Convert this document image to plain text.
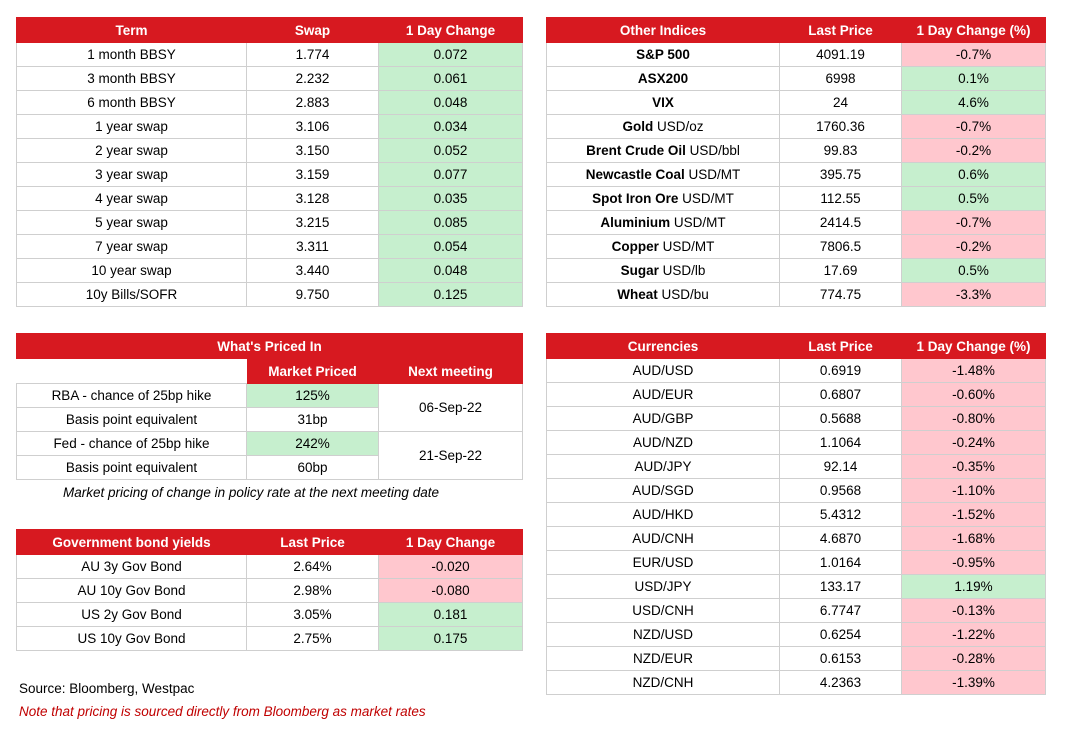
Term	Swap	1 Day Change
1 month BBSY	1.774	0.072
3 month BBSY	2.232	0.061
6 month BBSY	2.883	0.048
1 year swap	3.106	0.034
2 year swap	3.150	0.052
3 year swap	3.159	0.077
4 year swap	3.128	0.035
5 year swap	3.215	0.085
7 year swap	3.311	0.054
10 year swap	3.440	0.048
10y Bills/SOFR	9.750	0.125
Other Indices	Last Price	1 Day Change (%)
S&P 500	4091.19	-0.7%
ASX200	6998	0.1%
VIX	24	4.6%
Gold USD/oz	1760.36	-0.7%
Brent Crude Oil USD/bbl	99.83	-0.2%
Newcastle Coal USD/MT	395.75	0.6%
Spot Iron Ore USD/MT	112.55	0.5%
Aluminium USD/MT	2414.5	-0.7%
Copper USD/MT	7806.5	-0.2%
Sugar USD/lb	17.69	0.5%
Wheat USD/bu	774.75	-3.3%
What's Priced In		
	Market Priced	Next meeting
RBA - chance of 25bp hike	125%	06-Sep-22
Basis point equivalent	31bp	
Fed - chance of 25bp hike	242%	21-Sep-22
Basis point equivalent	60bp	
Market pricing of change in policy rate at the next meeting date
Government bond yields	Last Price	1 Day Change
AU 3y Gov Bond	2.64%	-0.020
AU 10y Gov Bond	2.98%	-0.080
US 2y Gov Bond	3.05%	0.181
US 10y Gov Bond	2.75%	0.175
Currencies	Last Price	1 Day Change (%)
AUD/USD	0.6919	-1.48%
AUD/EUR	0.6807	-0.60%
AUD/GBP	0.5688	-0.80%
AUD/NZD	1.1064	-0.24%
AUD/JPY	92.14	-0.35%
AUD/SGD	0.9568	-1.10%
AUD/HKD	5.4312	-1.52%
AUD/CNH	4.6870	-1.68%
EUR/USD	1.0164	-0.95%
USD/JPY	133.17	1.19%
USD/CNH	6.7747	-0.13%
NZD/USD	0.6254	-1.22%
NZD/EUR	0.6153	-0.28%
NZD/CNH	4.2363	-1.39%
Source: Bloomberg, Westpac
Note that pricing is sourced directly from Bloomberg as market rates
